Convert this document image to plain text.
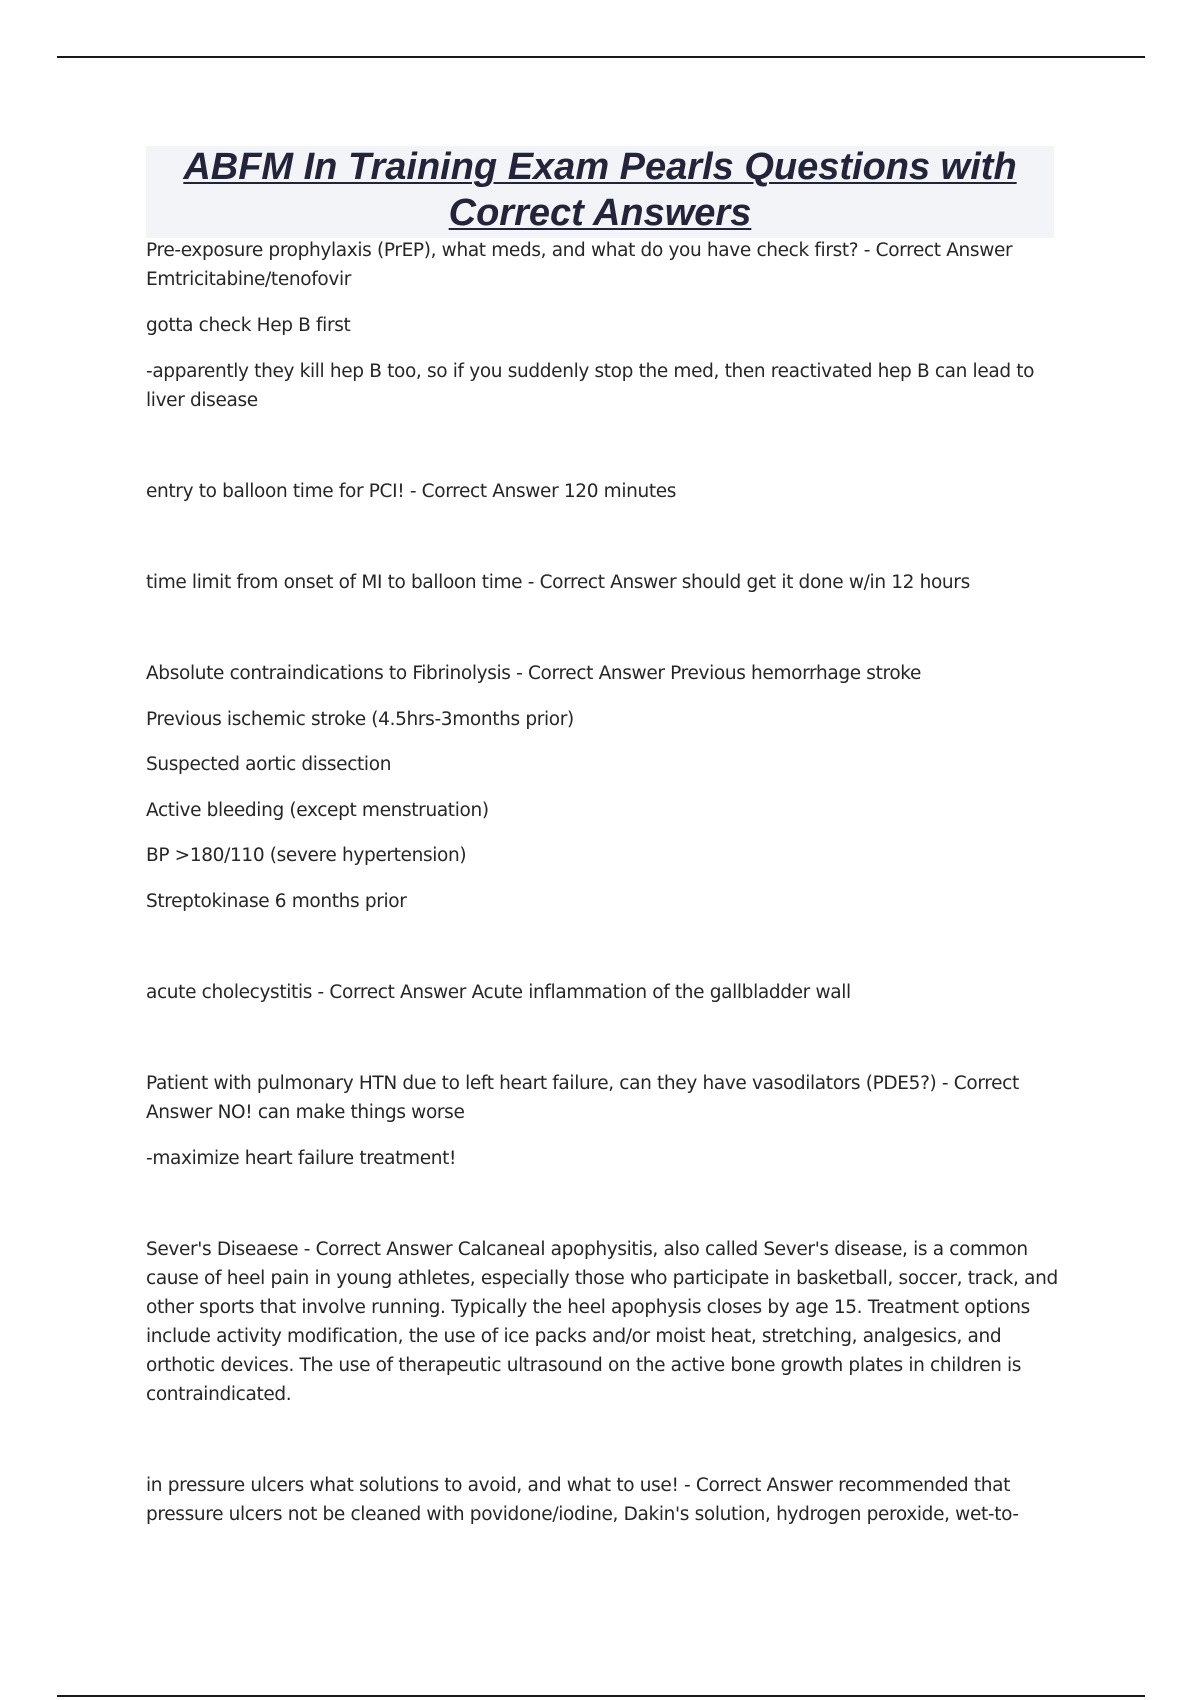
ABFM In Training Exam Pearls Questions with
Correct Answers

Pre-exposure prophylaxis (PrEP), what meds, and what do you have check first? - Correct Answer

Emtricitabine/tenofovir

gotta check Hep B first

-apparently they kill hep B too, so if you suddenly stop the med, then reactivated hep B can lead to

liver disease

entry to balloon time for PCI! - Correct Answer 120 minutes

time limit from onset of MI to balloon time - Correct Answer should get it done w/in 12 hours

Absolute contraindications to Fibrinolysis - Correct Answer Previous hemorrhage stroke

Previous ischemic stroke (4.5hrs-3months prior)

Suspected aortic dissection

Active bleeding (except menstruation)

BP >180/110 (severe hypertension)

Streptokinase 6 months prior

acute cholecystitis - Correct Answer Acute inflammation of the gallbladder wall

Patient with pulmonary HTN due to left heart failure, can they have vasodilators (PDE5?) - Correct

Answer NO! can make things worse

-maximize heart failure treatment!

Sever's Diseaese - Correct Answer Calcaneal apophysitis, also called Sever's disease, is a common

cause of heel pain in young athletes, especially those who participate in basketball, soccer, track, and

other sports that involve running. Typically the heel apophysis closes by age 15. Treatment options

include activity modification, the use of ice packs and/or moist heat, stretching, analgesics, and

orthotic devices. The use of therapeutic ultrasound on the active bone growth plates in children is

contraindicated.

in pressure ulcers what solutions to avoid, and what to use! - Correct Answer recommended that

pressure ulcers not be cleaned with povidone/iodine, Dakin's solution, hydrogen peroxide, wet-to-
